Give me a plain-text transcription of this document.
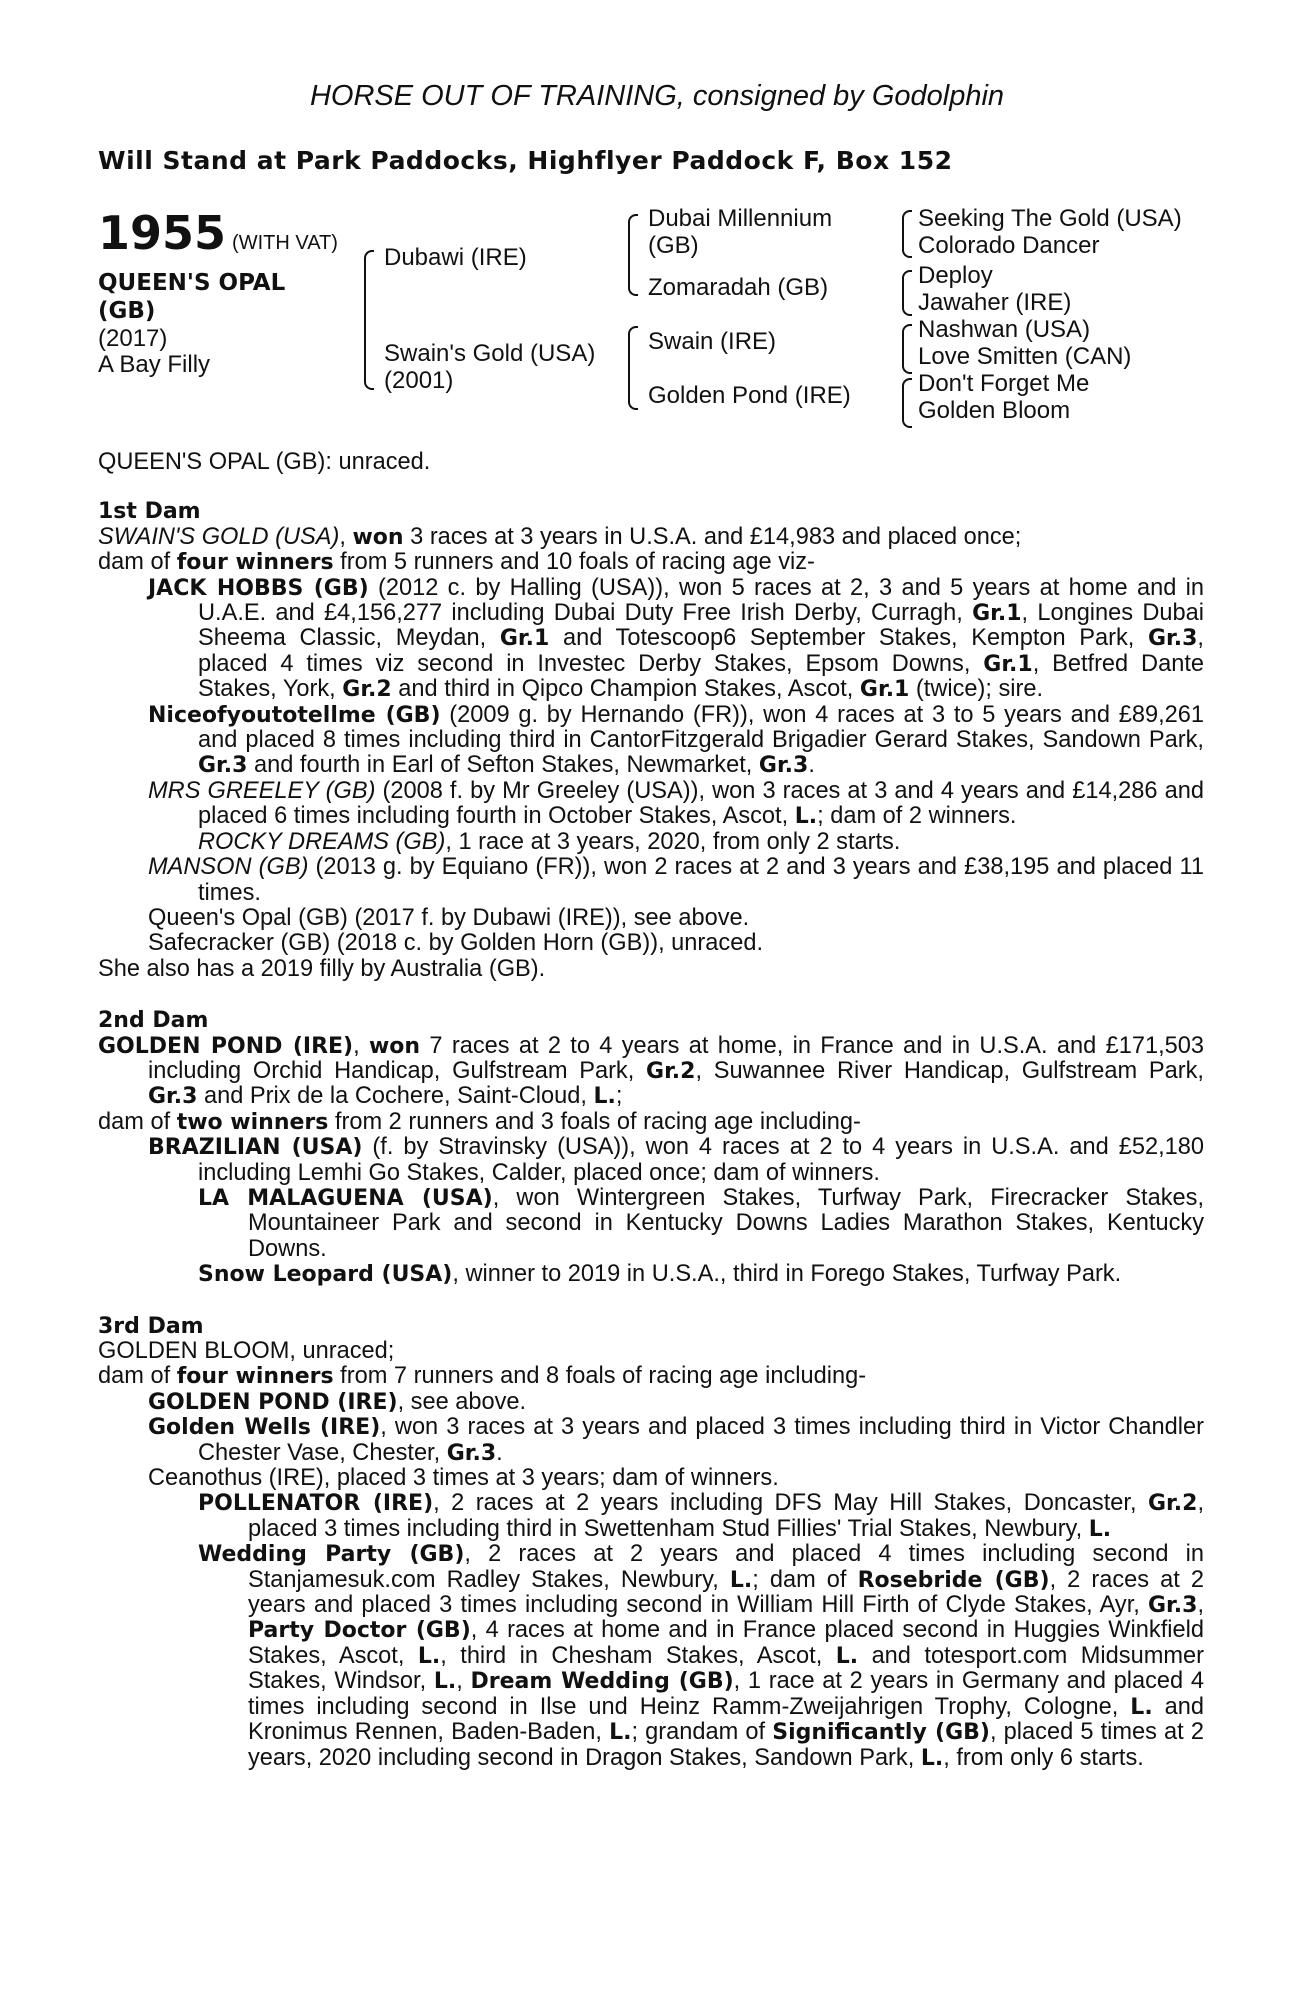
HORSE OUT OF TRAINING, consigned by Godolphin
Will Stand at Park Paddocks, Highflyer Paddock F, Box 152
1955 (WITH VAT)
QUEEN'S OPAL
(GB)
(2017)
A Bay Filly
Dubawi (IRE)
Swain's Gold (USA)
(2001)
Dubai Millennium
(GB)
Zomaradah (GB)
Swain (IRE)
Golden Pond (IRE)
Seeking The Gold (USA)
Colorado Dancer
Deploy
Jawaher (IRE)
Nashwan (USA)
Love Smitten (CAN)
Don't Forget Me
Golden Bloom
QUEEN'S OPAL (GB): unraced.
1st Dam
SWAIN'S GOLD (USA), won 3 races at 3 years in U.S.A. and £14,983 and placed once;
dam of four winners from 5 runners and 10 foals of racing age viz-
JACK HOBBS (GB) (2012 c. by Halling (USA)), won 5 races at 2, 3 and 5 years at home and in U.A.E. and £4,156,277 including Dubai Duty Free Irish Derby, Curragh, Gr.1, Longines Dubai Sheema Classic, Meydan, Gr.1 and Totescoop6 September Stakes, Kempton Park, Gr.3, placed 4 times viz second in Investec Derby Stakes, Epsom Downs, Gr.1, Betfred Dante Stakes, York, Gr.2 and third in Qipco Champion Stakes, Ascot, Gr.1 (twice); sire.
Niceofyoutotellme (GB) (2009 g. by Hernando (FR)), won 4 races at 3 to 5 years and £89,261 and placed 8 times including third in CantorFitzgerald Brigadier Gerard Stakes, Sandown Park, Gr.3 and fourth in Earl of Sefton Stakes, Newmarket, Gr.3.
MRS GREELEY (GB) (2008 f. by Mr Greeley (USA)), won 3 races at 3 and 4 years and £14,286 and placed 6 times including fourth in October Stakes, Ascot, L.; dam of 2 winners.
ROCKY DREAMS (GB), 1 race at 3 years, 2020, from only 2 starts.
MANSON (GB) (2013 g. by Equiano (FR)), won 2 races at 2 and 3 years and £38,195 and placed 11 times.
Queen's Opal (GB) (2017 f. by Dubawi (IRE)), see above.
Safecracker (GB) (2018 c. by Golden Horn (GB)), unraced.
She also has a 2019 filly by Australia (GB).
2nd Dam
GOLDEN POND (IRE), won 7 races at 2 to 4 years at home, in France and in U.S.A. and £171,503 including Orchid Handicap, Gulfstream Park, Gr.2, Suwannee River Handicap, Gulfstream Park, Gr.3 and Prix de la Cochere, Saint-Cloud, L.;
dam of two winners from 2 runners and 3 foals of racing age including-
BRAZILIAN (USA) (f. by Stravinsky (USA)), won 4 races at 2 to 4 years in U.S.A. and £52,180 including Lemhi Go Stakes, Calder, placed once; dam of winners.
LA MALAGUENA (USA), won Wintergreen Stakes, Turfway Park, Firecracker Stakes, Mountaineer Park and second in Kentucky Downs Ladies Marathon Stakes, Kentucky Downs.
Snow Leopard (USA), winner to 2019 in U.S.A., third in Forego Stakes, Turfway Park.
3rd Dam
GOLDEN BLOOM, unraced;
dam of four winners from 7 runners and 8 foals of racing age including-
GOLDEN POND (IRE), see above.
Golden Wells (IRE), won 3 races at 3 years and placed 3 times including third in Victor Chandler Chester Vase, Chester, Gr.3.
Ceanothus (IRE), placed 3 times at 3 years; dam of winners.
POLLENATOR (IRE), 2 races at 2 years including DFS May Hill Stakes, Doncaster, Gr.2, placed 3 times including third in Swettenham Stud Fillies' Trial Stakes, Newbury, L.
Wedding Party (GB), 2 races at 2 years and placed 4 times including second in Stanjamesuk.com Radley Stakes, Newbury, L.; dam of Rosebride (GB), 2 races at 2 years and placed 3 times including second in William Hill Firth of Clyde Stakes, Ayr, Gr.3, Party Doctor (GB), 4 races at home and in France placed second in Huggies Winkfield Stakes, Ascot, L., third in Chesham Stakes, Ascot, L. and totesport.com Midsummer Stakes, Windsor, L., Dream Wedding (GB), 1 race at 2 years in Germany and placed 4 times including second in Ilse und Heinz Ramm-Zweijahrigen Trophy, Cologne, L. and Kronimus Rennen, Baden-Baden, L.; grandam of Significantly (GB), placed 5 times at 2 years, 2020 including second in Dragon Stakes, Sandown Park, L., from only 6 starts.
